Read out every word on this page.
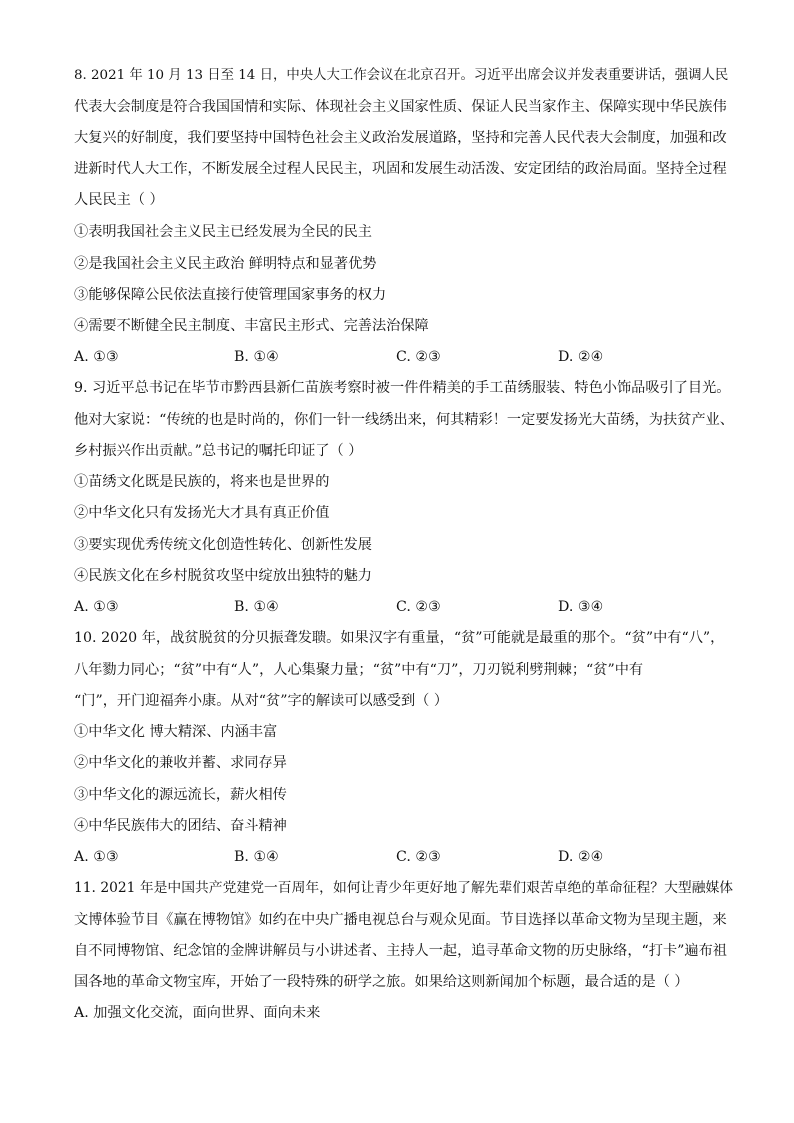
8. 2021 年 10 月 13 日至 14 日，中央人大工作会议在北京召开。习近平出席会议并发表重要讲话，强调人民
代表大会制度是符合我国国情和实际、体现社会主义国家性质、保证人民当家作主、保障实现中华民族伟
大复兴的好制度，我们要坚持中国特色社会主义政治发展道路，坚持和完善人民代表大会制度，加强和改
进新时代人大工作，不断发展全过程人民民主，巩固和发展生动活泼、安定团结的政治局面。坚持全过程
人民民主（ ）
①表明我国社会主义民主已经发展为全民的民主
②是我国社会主义民主政治 鲜明特点和显著优势
③能够保障公民依法直接行使管理国家事务的权力
④需要不断健全民主制度、丰富民主形式、完善法治保障
A. ①③	B. ①④	C. ②③	D. ②④
9. 习近平总书记在毕节市黔西县新仁苗族考察时被一件件精美的手工苗绣服装、特色小饰品吸引了目光。
他对大家说：“传统的也是时尚的，你们一针一线绣出来，何其精彩！一定要发扬光大苗绣，为扶贫产业、
乡村振兴作出贡献。”总书记的嘱托印证了（ ）
①苗绣文化既是民族的，将来也是世界的
②中华文化只有发扬光大才具有真正价值
③要实现优秀传统文化创造性转化、创新性发展
④民族文化在乡村脱贫攻坚中绽放出独特的魅力
A. ①③	B. ①④	C. ②③	D. ③④
10. 2020 年，战贫脱贫的分贝振聋发聩。如果汉字有重量，“贫”可能就是最重的那个。“贫”中有“八”，
八年勠力同心；“贫”中有“人”，人心集聚力量；“贫”中有“刀”，刀刃锐利劈荆棘；“贫”中有
“门”，开门迎福奔小康。从对“贫”字的解读可以感受到（ ）
①中华文化 博大精深、内涵丰富
②中华文化的兼收并蓄、求同存异
③中华文化的源远流长，薪火相传
④中华民族伟大的团结、奋斗精神
A. ①③	B. ①④	C. ②③	D. ②④
11. 2021 年是中国共产党建党一百周年，如何让青少年更好地了解先辈们艰苦卓绝的革命征程？大型融媒体
文博体验节目《赢在博物馆》如约在中央广播电视总台与观众见面。节目选择以革命文物为呈现主题，来
自不同博物馆、纪念馆的金牌讲解员与小讲述者、主持人一起，追寻革命文物的历史脉络，“打卡”遍布祖
国各地的革命文物宝库，开始了一段特殊的研学之旅。如果给这则新闻加个标题，最合适的是（ ）
A. 加强文化交流，面向世界、面向未来
